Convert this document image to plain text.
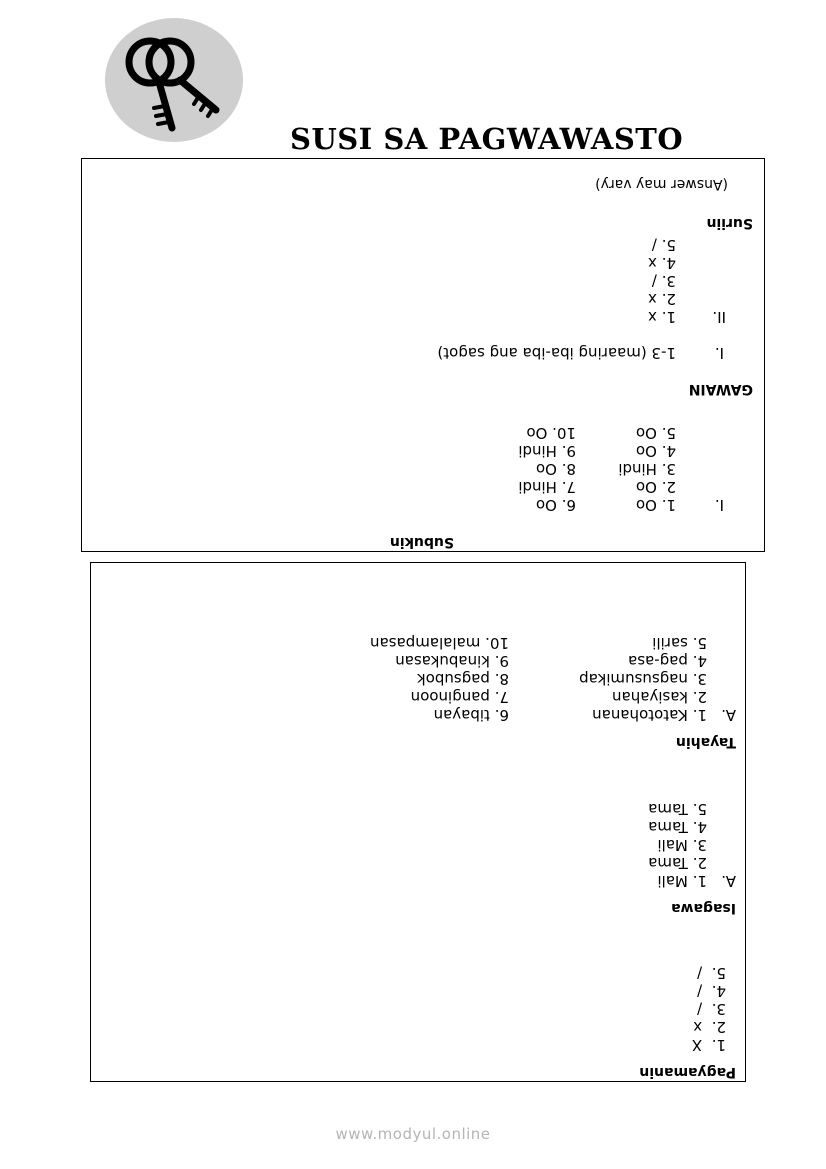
SUSI SA PAGWAWASTO
Subukin
I.
1. Oo
2. Oo
3. Hindi
4. Oo
5. Oo
6. Oo
7. Hindi
8. Oo
9. Hindi
10. Oo
GAWAIN
I.
1-3 (maaring iba-iba ang sagot)
II.
1. x
2. x
3. /
4. x
5. /
Suriin
(Answer may vary)
Pagyamanin
1.  X
2.  x
3.  /
4.  /
5.  /
Isagawa
A.
1. Mali
2. Tama
3. Mali
4. Tama
5. Tama
Tayahin
A.
1. Katotohanan
2. kasiyahan
3. nagsusumikap
4. pag-asa
5. sarili
6. tibayan
7. panginoon
8. pagsubok
9. kinabukasan
10. malalampasan
www.modyul.online
